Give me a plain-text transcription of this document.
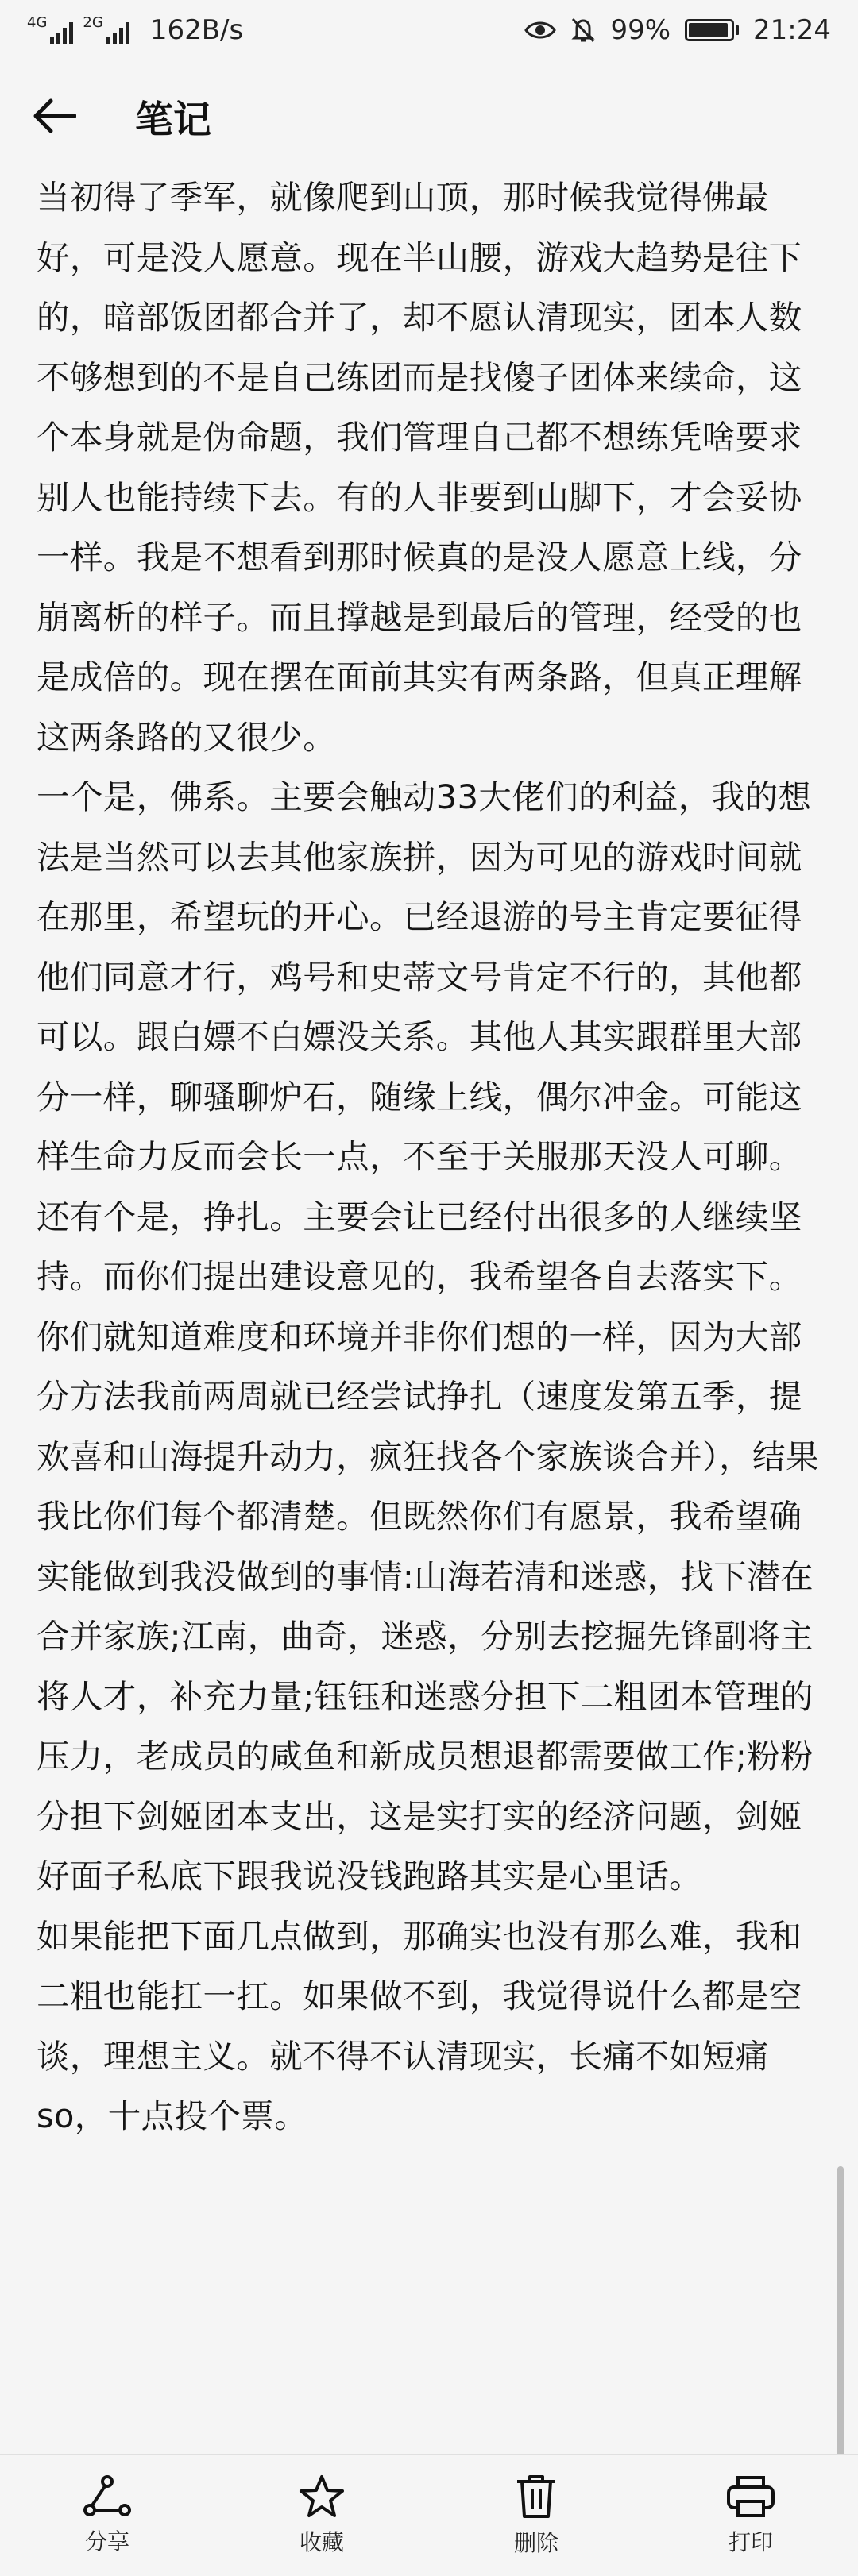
4G	2G 162B/s	99%	21:24
笔记

当初得了季军，就像爬到山顶，那时候我觉得佛最好，可是没人愿意。现在半山腰，游戏大趋势是往下的，暗部饭团都合并了，却不愿认清现实，团本人数不够想到的不是自己练团而是找傻子团体来续命，这个本身就是伪命题，我们管理自己都不想练凭啥要求别人也能持续下去。有的人非要到山脚下，才会妥协一样。我是不想看到那时候真的是没人愿意上线，分崩离析的样子。而且撑越是到最后的管理，经受的也是成倍的。现在摆在面前其实有两条路，但真正理解这两条路的又很少。

一个是，佛系。主要会触动33大佬们的利益，我的想法是当然可以去其他家族拼，因为可见的游戏时间就在那里，希望玩的开心。已经退游的号主肯定要征得他们同意才行，鸡号和史蒂文号肯定不行的，其他都可以。跟白嫖不白嫖没关系。其他人其实跟群里大部分一样，聊骚聊炉石，随缘上线，偶尔冲金。可能这样生命力反而会长一点，不至于关服那天没人可聊。

还有个是，挣扎。主要会让已经付出很多的人继续坚持。而你们提出建设意见的，我希望各自去落实下。你们就知道难度和环境并非你们想的一样，因为大部分方法我前两周就已经尝试挣扎（速度发第五季，提欢喜和山海提升动力，疯狂找各个家族谈合并），结果我比你们每个都清楚。但既然你们有愿景，我希望确实能做到我没做到的事情:山海若清和迷惑，找下潜在合并家族;江南，曲奇，迷惑，分别去挖掘先锋副将主将人才，补充力量;钰钰和迷惑分担下二粗团本管理的压力，老成员的咸鱼和新成员想退都需要做工作;粉粉分担下剑姬团本支出，这是实打实的经济问题，剑姬好面子私底下跟我说没钱跑路其实是心里话。

如果能把下面几点做到，那确实也没有那么难，我和二粗也能扛一扛。如果做不到，我觉得说什么都是空谈，理想主义。就不得不认清现实，长痛不如短痛

so，十点投个票。

分享	收藏	删除	打印
